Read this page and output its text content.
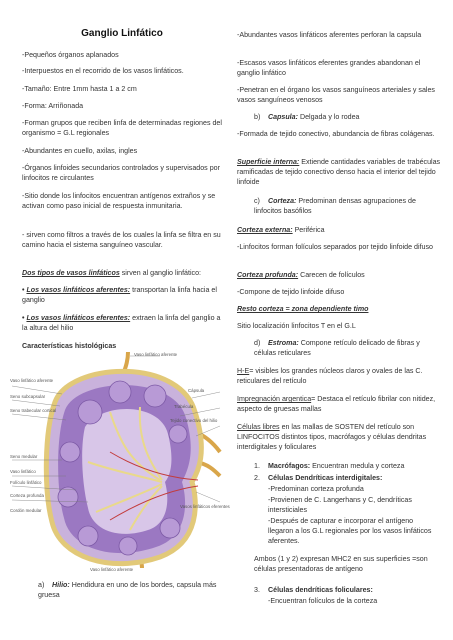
Ganglio Linfático

-Pequeños órganos aplanados

-Interpuestos en el recorrido de los vasos linfáticos.

-Tamaño: Entre 1mm hasta 1 a 2 cm

-Forma: Arriñonada

-Forman grupos que reciben linfa de determinadas regiones del organismo = G.L regionales

-Abundantes en cuello, axilas, ingles

-Órganos linfoides secundarios controlados y supervisados por linfocitos re circulantes

-Sitio donde los linfocitos encuentran antígenos extraños y se activan como paso inicial de respuesta inmunitaria.

- sirven como filtros a través de los cuales la linfa se filtra en su camino hacia el sistema sanguíneo vascular.

Dos tipos de vasos linfáticos sirven al ganglio linfático:

• Los vasos linfáticos aferentes: transportan la linfa hacia el ganglio

• Los vasos linfáticos eferentes: extraen la linfa del ganglio a la altura del hilio

Características histológicas

Vaso linfático aferente
Vaso linfático aferente
Seno subcapsular
Seno trabecular cortical
Cápsula
Trabécula
Tejido conectivo del hilio
Seno medular
Vaso linfático
Folículo linfático
Corteza profunda
Cordón medular
Vasos linfáticos eferentes
Vaso linfático aferente

a) Hilio: Hendidura en uno de los bordes, capsula más gruesa

-Abundantes vasos linfáticos aferentes perforan la capsula

-Escasos vasos linfáticos eferentes grandes abandonan el ganglio linfático

-Penetran en el órgano los vasos sanguíneos arteriales y sales vasos sanguíneos venosos

b) Capsula: Delgada y lo rodea

-Formada de tejido conectivo, abundancia de fibras colágenas.

Superficie interna: Extiende cantidades variables de trabéculas ramificadas de tejido conectivo denso hacia el interior del tejido linfoide

c) Corteza: Predominan densas agrupaciones de linfocitos basófilos

Corteza externa: Periférica

-Linfocitos forman folículos separados por tejido linfoide difuso

Corteza profunda: Carecen de folículos

-Compone de tejido linfoide difuso

Resto corteza = zona dependiente timo

Sitio localización linfocitos T en el G.L

d) Estroma: Compone retículo delicado de fibras y células reticulares

H-E= visibles los grandes núcleos claros y ovales de las C. reticulares del retículo

Impregnación argentica= Destaca el retículo fibrilar con nitidez, aspecto de gruesas mallas

Células libres en las mallas de SOSTEN del retículo son LINFOCITOS distintos tipos, macrófagos y células dendritas interdigitales y foliculares

1. Macrófagos: Encuentran medula y corteza

2. Células Dendríticas interdigitales:

-Predominan corteza profunda

-Provienen de C. Langerhans y C, dendríticas intersticiales

-Después de capturar e incorporar el antígeno llegaron a los G.L regionales por los vasos linfáticos aferentes.

Ambos (1 y 2) expresan MHC2 en sus superficies =son células presentadoras de antígeno

3. Células dendríticas foliculares:

-Encuentran folículos de la corteza
